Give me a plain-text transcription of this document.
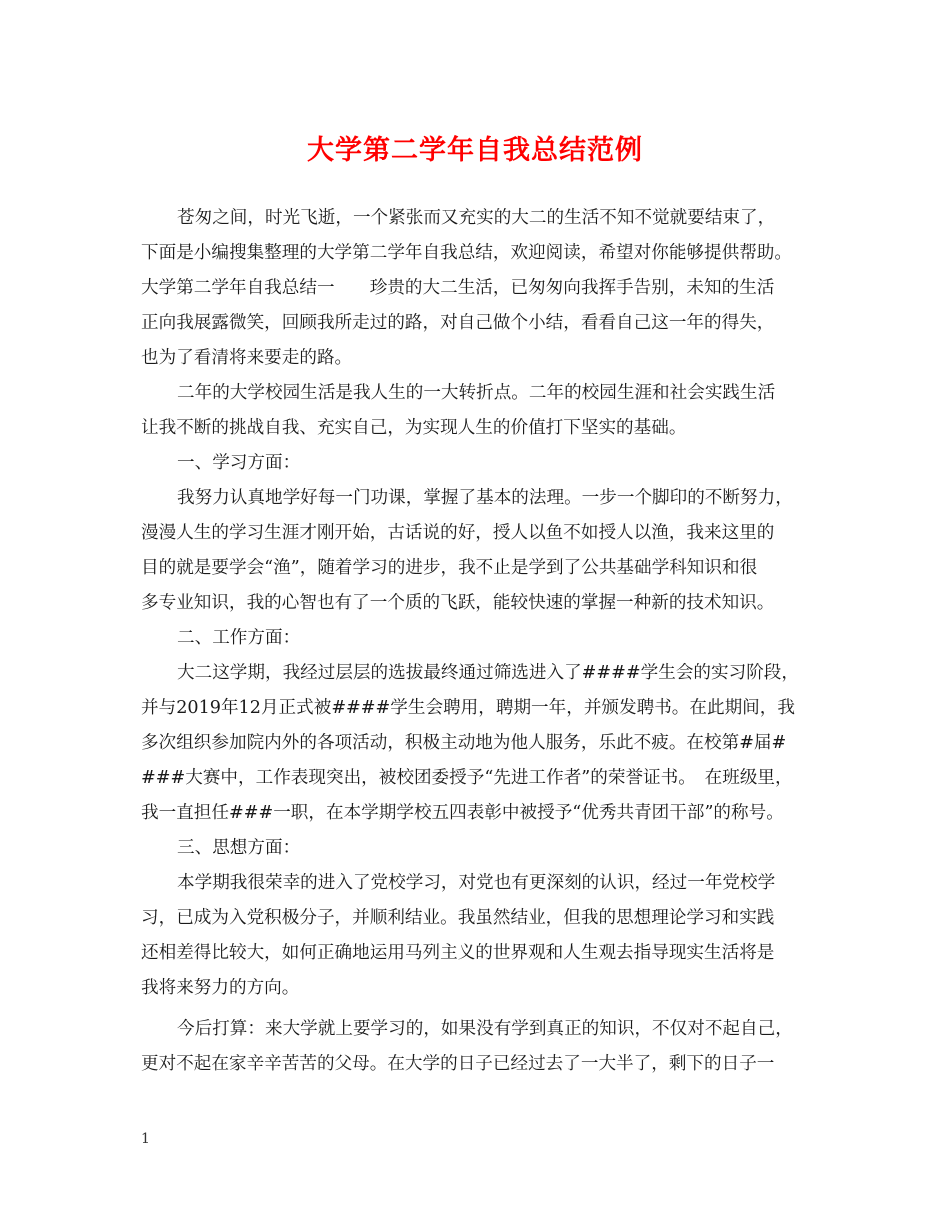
大学第二学年自我总结范例
苍匆之间，时光飞逝，一个紧张而又充实的大二的生活不知不觉就要结束了，
下面是小编搜集整理的大学第二学年自我总结，欢迎阅读，希望对你能够提供帮助。
大学第二学年自我总结一　　珍贵的大二生活，已匆匆向我挥手告别，未知的生活
正向我展露微笑，回顾我所走过的路，对自己做个小结，看看自己这一年的得失，
也为了看清将来要走的路。
二年的大学校园生活是我人生的一大转折点。二年的校园生涯和社会实践生活
让我不断的挑战自我、充实自己，为实现人生的价值打下坚实的基础。
一、学习方面：
我努力认真地学好每一门功课，掌握了基本的法理。一步一个脚印的不断努力，
漫漫人生的学习生涯才刚开始，古话说的好，授人以鱼不如授人以渔，我来这里的
目的就是要学会“渔”，随着学习的进步，我不止是学到了公共基础学科知识和很
多专业知识，我的心智也有了一个质的飞跃，能较快速的掌握一种新的技术知识。
二、工作方面：
大二这学期，我经过层层的选拔最终通过筛选进入了####学生会的实习阶段，
并与2019年12月正式被####学生会聘用，聘期一年，并颁发聘书。在此期间，我
多次组织参加院内外的各项活动，积极主动地为他人服务，乐此不疲。在校第#届#
###大赛中，工作表现突出，被校团委授予“先进工作者”的荣誉证书。　在班级里，
我一直担任###一职，在本学期学校五四表彰中被授予“优秀共青团干部”的称号。
三、思想方面：
本学期我很荣幸的进入了党校学习，对党也有更深刻的认识，经过一年党校学
习，已成为入党积极分子，并顺利结业。我虽然结业，但我的思想理论学习和实践
还相差得比较大，如何正确地运用马列主义的世界观和人生观去指导现实生活将是
我将来努力的方向。
今后打算：来大学就上要学习的，如果没有学到真正的知识，不仅对不起自己，
更对不起在家辛辛苦苦的父母。在大学的日子已经过去了一大半了，剩下的日子一
1
